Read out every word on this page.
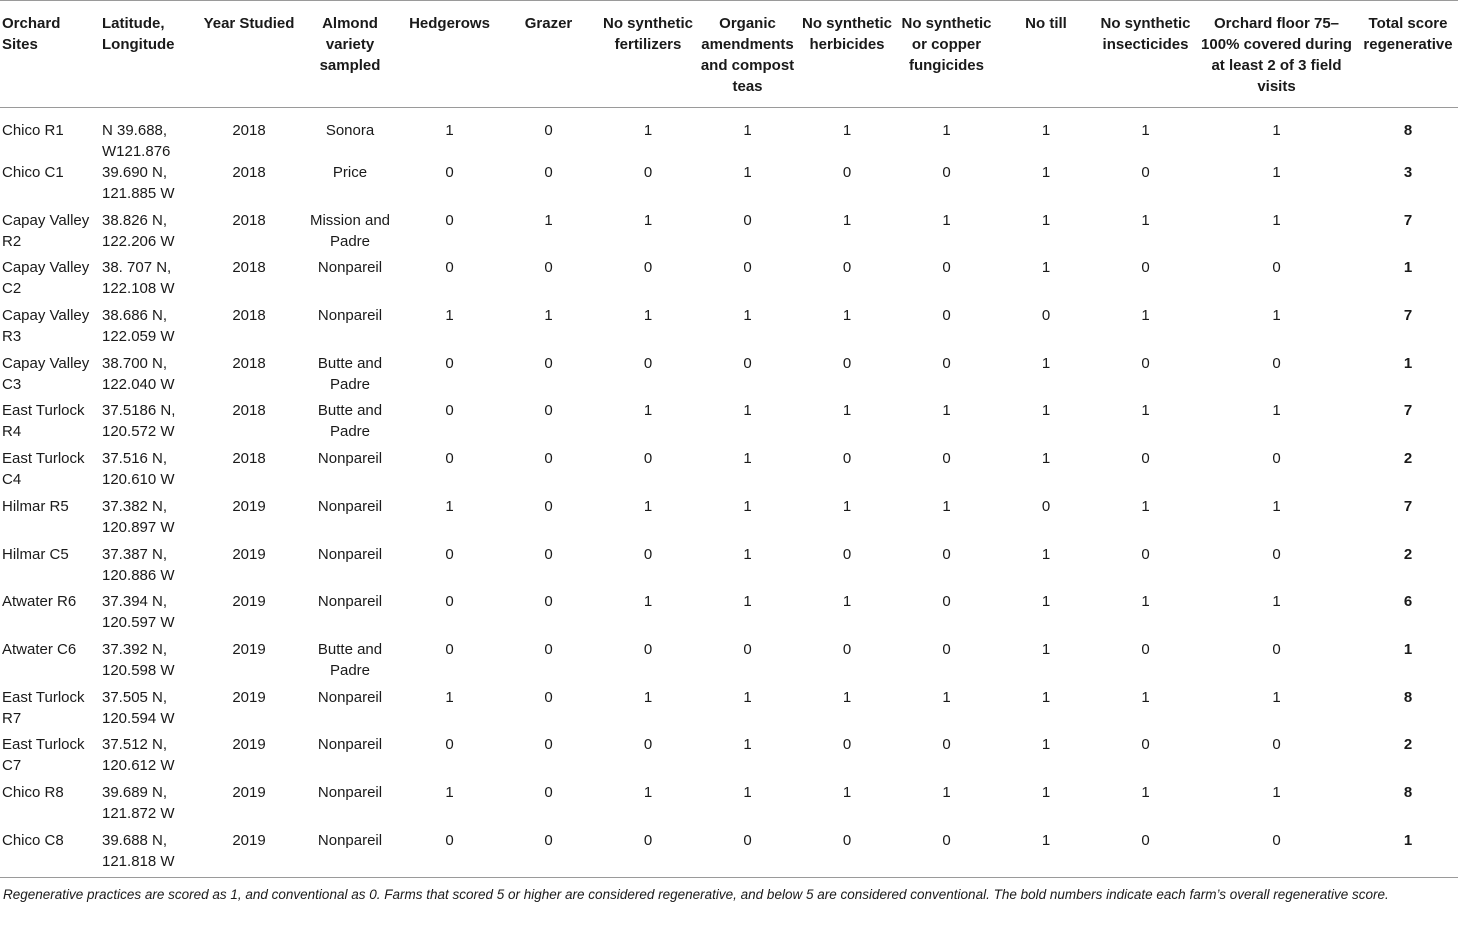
Orchard Sites	Latitude, Longitude	Year Studied	Almond variety sampled	Hedgerows	Grazer	No synthetic fertilizers	Organic amendments and compost teas	No synthetic herbicides	No synthetic or copper fungicides	No till	No synthetic insecticides	Orchard floor 75–100% covered during at least 2 of 3 field visits	Total score regenerative
Chico R1	N 39.688, W121.876	2018	Sonora	1	0	1	1	1	1	1	1	1	8
Chico C1	39.690 N, 121.885 W	2018	Price	0	0	0	1	0	0	1	0	1	3
Capay Valley R2	38.826 N, 122.206 W	2018	Mission and Padre	0	1	1	0	1	1	1	1	1	7
Capay Valley C2	38. 707 N, 122.108 W	2018	Nonpareil	0	0	0	0	0	0	1	0	0	1
Capay Valley R3	38.686 N, 122.059 W	2018	Nonpareil	1	1	1	1	1	0	0	1	1	7
Capay Valley C3	38.700 N, 122.040 W	2018	Butte and Padre	0	0	0	0	0	0	1	0	0	1
East Turlock R4	37.5186 N, 120.572 W	2018	Butte and Padre	0	0	1	1	1	1	1	1	1	7
East Turlock C4	37.516 N, 120.610 W	2018	Nonpareil	0	0	0	1	0	0	1	0	0	2
Hilmar R5	37.382 N, 120.897 W	2019	Nonpareil	1	0	1	1	1	1	0	1	1	7
Hilmar C5	37.387 N, 120.886 W	2019	Nonpareil	0	0	0	1	0	0	1	0	0	2
Atwater R6	37.394 N, 120.597 W	2019	Nonpareil	0	0	1	1	1	0	1	1	1	6
Atwater C6	37.392 N, 120.598 W	2019	Butte and Padre	0	0	0	0	0	0	1	0	0	1
East Turlock R7	37.505 N, 120.594 W	2019	Nonpareil	1	0	1	1	1	1	1	1	1	8
East Turlock C7	37.512 N, 120.612 W	2019	Nonpareil	0	0	0	1	0	0	1	0	0	2
Chico R8	39.689 N, 121.872 W	2019	Nonpareil	1	0	1	1	1	1	1	1	1	8
Chico C8	39.688 N, 121.818 W	2019	Nonpareil	0	0	0	0	0	0	1	0	0	1
Regenerative practices are scored as 1, and conventional as 0. Farms that scored 5 or higher are considered regenerative, and below 5 are considered conventional. The bold numbers indicate each farm’s overall regenerative score.
